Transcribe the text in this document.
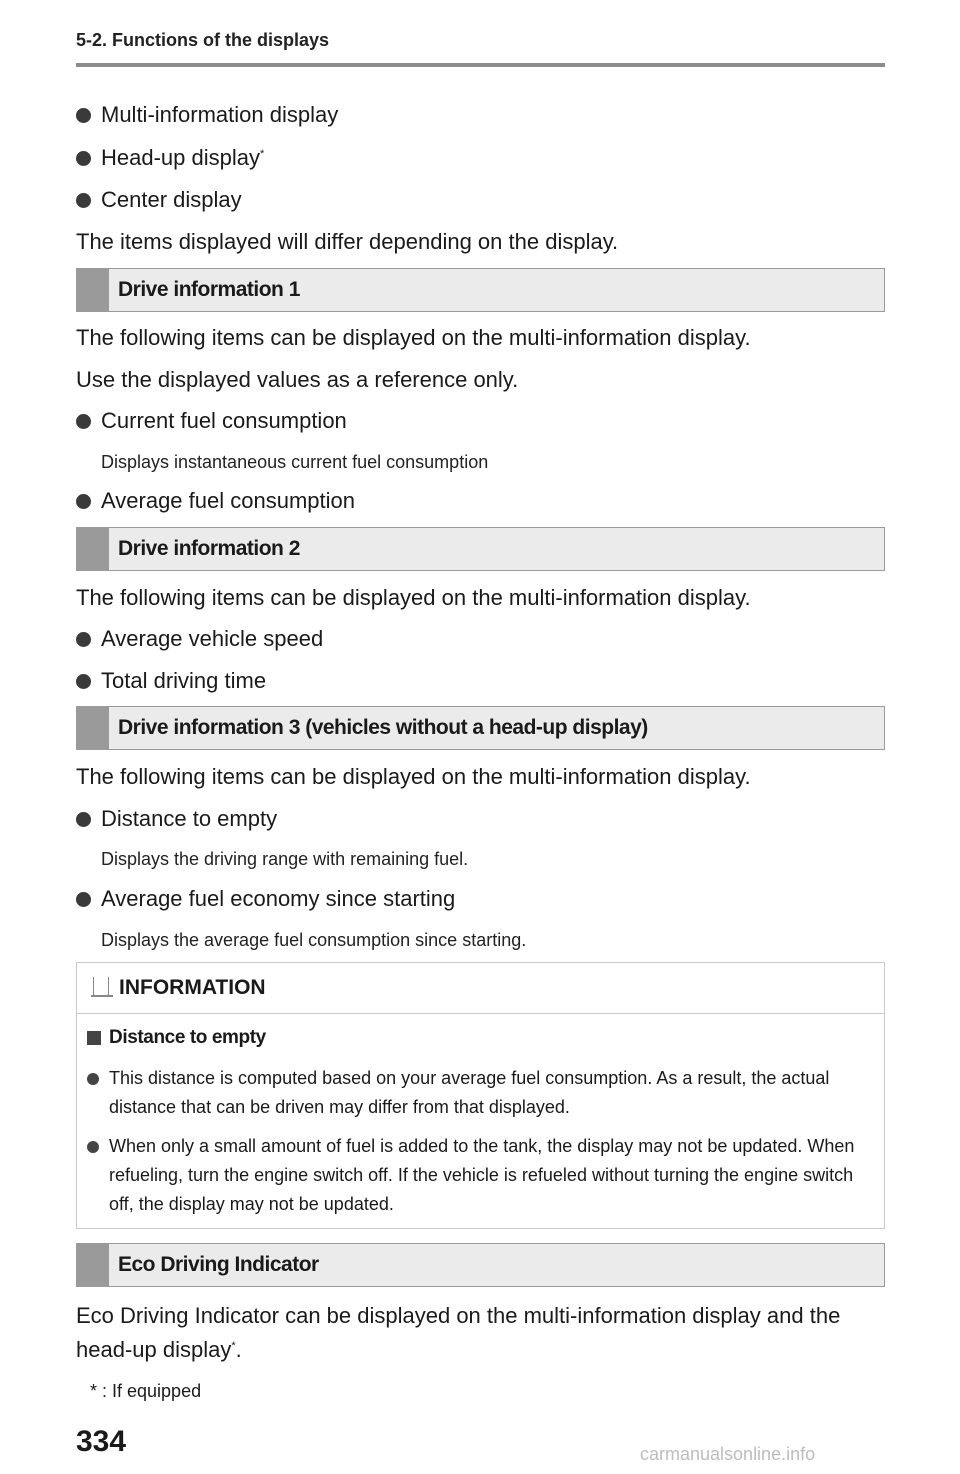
5-2. Functions of the displays
Multi-information display
Head-up display*
Center display
The items displayed will differ depending on the display.
Drive information 1
The following items can be displayed on the multi-information display.
Use the displayed values as a reference only.
Current fuel consumption
Displays instantaneous current fuel consumption
Average fuel consumption
Drive information 2
The following items can be displayed on the multi-information display.
Average vehicle speed
Total driving time
Drive information 3 (vehicles without a head-up display)
The following items can be displayed on the multi-information display.
Distance to empty
Displays the driving range with remaining fuel.
Average fuel economy since starting
Displays the average fuel consumption since starting.
INFORMATION
Distance to empty
This distance is computed based on your average fuel consumption. As a result, the actual distance that can be driven may differ from that displayed.
When only a small amount of fuel is added to the tank, the display may not be updated. When refueling, turn the engine switch off. If the vehicle is refueled without turning the engine switch off, the display may not be updated.
Eco Driving Indicator
Eco Driving Indicator can be displayed on the multi-information display and the
head-up display*.
* : If equipped
334	carmanualsonline.info
